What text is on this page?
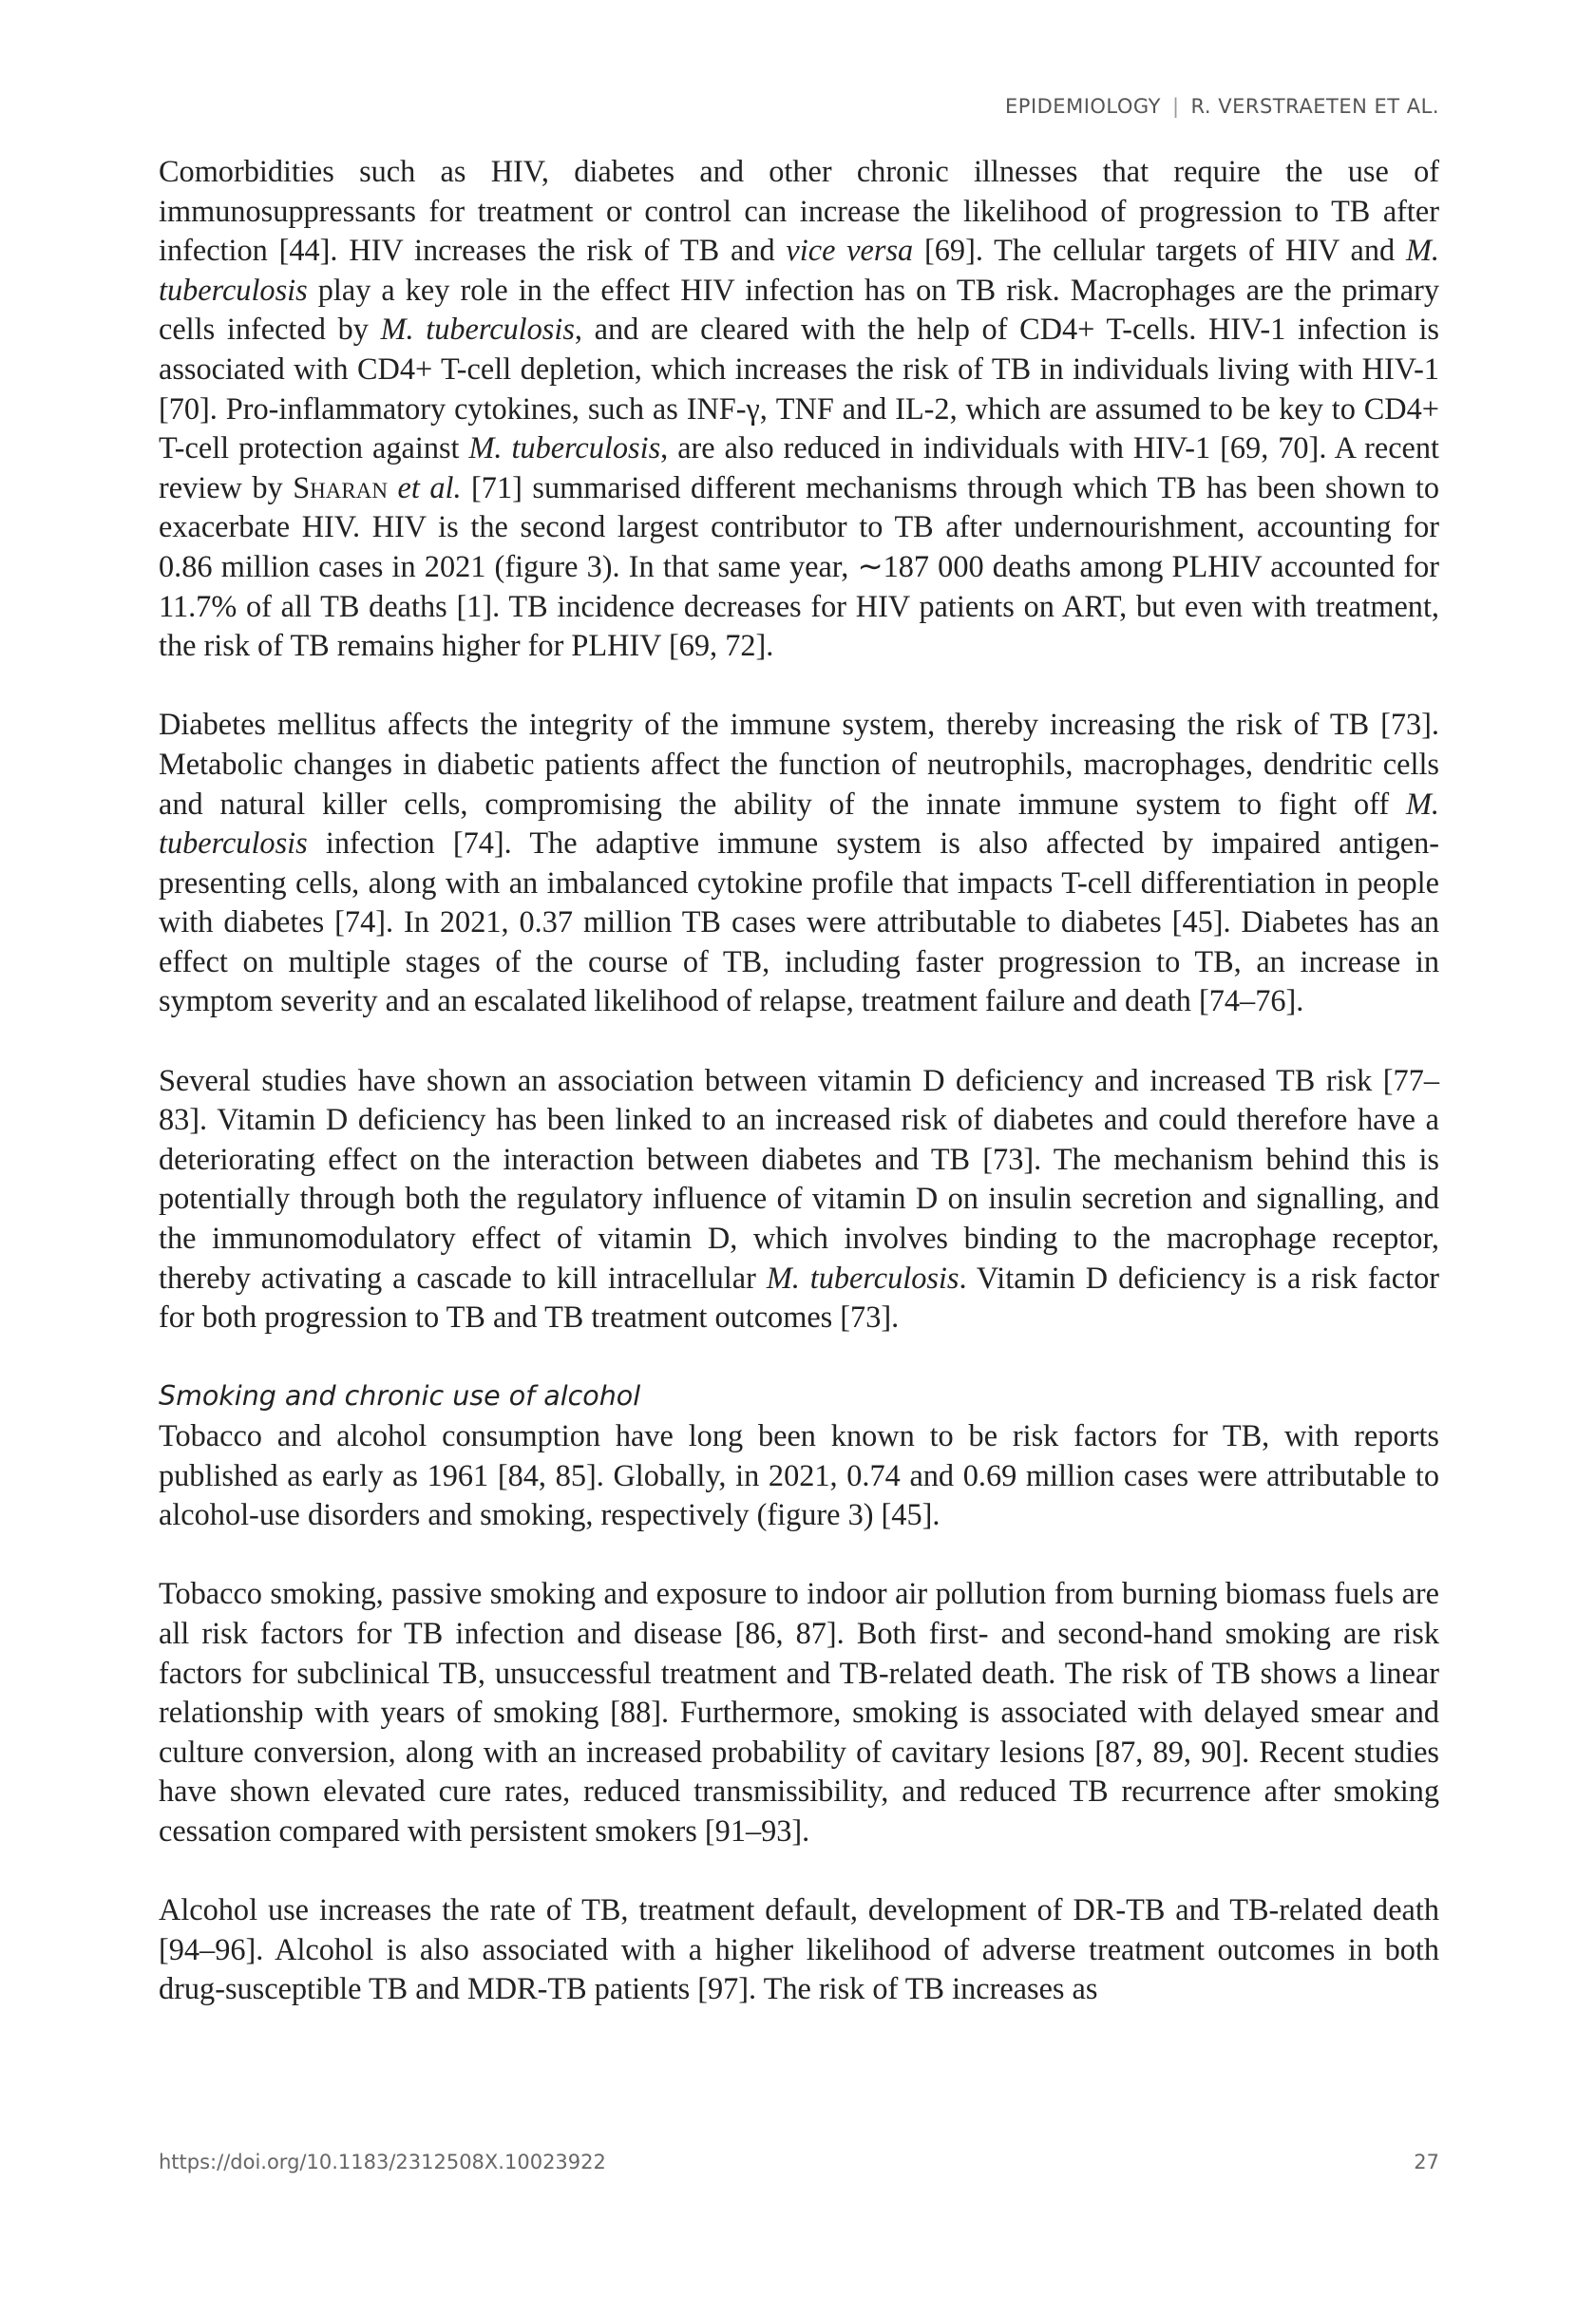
EPIDEMIOLOGY | R. VERSTRAETEN ET AL.

Comorbidities such as HIV, diabetes and other chronic illnesses that require the use of immunosuppressants for treatment or control can increase the likelihood of progression to TB after infection [44]. HIV increases the risk of TB and vice versa [69]. The cellular targets of HIV and M. tuberculosis play a key role in the effect HIV infection has on TB risk. Macrophages are the primary cells infected by M. tuberculosis, and are cleared with the help of CD4+ T-cells. HIV-1 infection is associated with CD4+ T-cell depletion, which increases the risk of TB in individuals living with HIV-1 [70]. Pro-inflammatory cytokines, such as INF-γ, TNF and IL-2, which are assumed to be key to CD4+ T-cell protection against M. tuberculosis, are also reduced in individuals with HIV-1 [69, 70]. A recent review by Sharan et al. [71] summarised different mechanisms through which TB has been shown to exacerbate HIV. HIV is the second largest contributor to TB after undernourishment, accounting for 0.86 million cases in 2021 (figure 3). In that same year, ∼187 000 deaths among PLHIV accounted for 11.7% of all TB deaths [1]. TB incidence decreases for HIV patients on ART, but even with treatment, the risk of TB remains higher for PLHIV [69, 72].

Diabetes mellitus affects the integrity of the immune system, thereby increasing the risk of TB [73]. Metabolic changes in diabetic patients affect the function of neutrophils, macrophages, dendritic cells and natural killer cells, compromising the ability of the innate immune system to fight off M. tuberculosis infection [74]. The adaptive immune system is also affected by impaired antigen-presenting cells, along with an imbalanced cytokine profile that impacts T-cell differentiation in people with diabetes [74]. In 2021, 0.37 million TB cases were attributable to diabetes [45]. Diabetes has an effect on multiple stages of the course of TB, including faster progression to TB, an increase in symptom severity and an escalated likelihood of relapse, treatment failure and death [74–76].

Several studies have shown an association between vitamin D deficiency and increased TB risk [77–83]. Vitamin D deficiency has been linked to an increased risk of diabetes and could therefore have a deteriorating effect on the interaction between diabetes and TB [73]. The mechanism behind this is potentially through both the regulatory influence of vitamin D on insulin secretion and signalling, and the immunomodulatory effect of vitamin D, which involves binding to the macrophage receptor, thereby activating a cascade to kill intracellular M. tuberculosis. Vitamin D deficiency is a risk factor for both progression to TB and TB treatment outcomes [73].

Smoking and chronic use of alcohol

Tobacco and alcohol consumption have long been known to be risk factors for TB, with reports published as early as 1961 [84, 85]. Globally, in 2021, 0.74 and 0.69 million cases were attributable to alcohol-use disorders and smoking, respectively (figure 3) [45].

Tobacco smoking, passive smoking and exposure to indoor air pollution from burning biomass fuels are all risk factors for TB infection and disease [86, 87]. Both first- and second-hand smoking are risk factors for subclinical TB, unsuccessful treatment and TB-related death. The risk of TB shows a linear relationship with years of smoking [88]. Furthermore, smoking is associated with delayed smear and culture conversion, along with an increased probability of cavitary lesions [87, 89, 90]. Recent studies have shown elevated cure rates, reduced transmissibility, and reduced TB recurrence after smoking cessation compared with persistent smokers [91–93].

Alcohol use increases the rate of TB, treatment default, development of DR-TB and TB-related death [94–96]. Alcohol is also associated with a higher likelihood of adverse treatment outcomes in both drug-susceptible TB and MDR-TB patients [97]. The risk of TB increases as

https://doi.org/10.1183/2312508X.10023922	27
